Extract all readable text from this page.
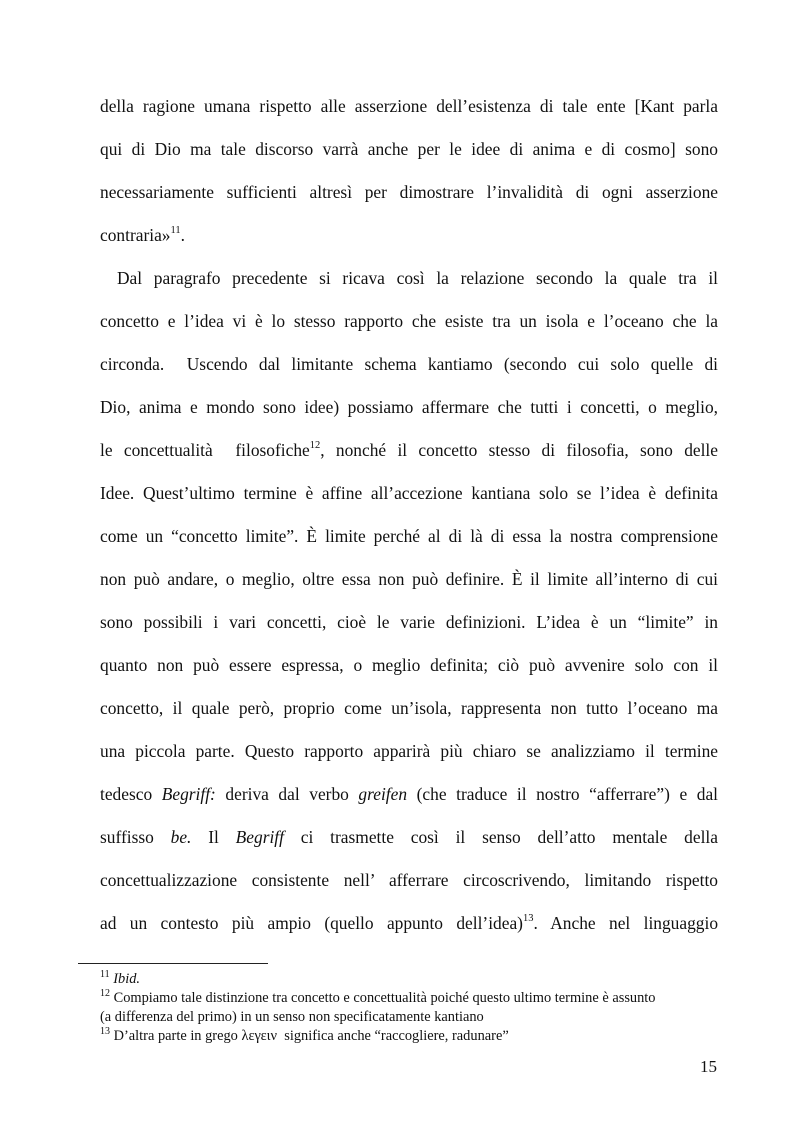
della ragione umana rispetto alle asserzione dell’esistenza di tale ente [Kant parla
qui di Dio ma tale discorso varrà anche per le idee di anima e di cosmo] sono
necessariamente sufficienti altresì per dimostrare l’invalidità di ogni asserzione
contraria»$^{11}$.
Dal paragrafo precedente si ricava così la relazione secondo la quale tra il
concetto e l’idea vi è lo stesso rapporto che esiste tra un isola e l’oceano che la
circonda.  Uscendo dal limitante schema kantiamo (secondo cui solo quelle di
Dio, anima e mondo sono idee) possiamo affermare che tutti i concetti, o meglio,
le concettualità  filosofiche$^{12}$, nonché il concetto stesso di filosofia, sono delle
Idee. Quest’ultimo termine è affine all’accezione kantiana solo se l’idea è definita
come un “concetto limite”. È limite perché al di là di essa la nostra comprensione
non può andare, o meglio, oltre essa non può definire. È il limite all’interno di cui
sono possibili i vari concetti, cioè le varie definizioni. L’idea è un “limite” in
quanto non può essere espressa, o meglio definita; ciò può avvenire solo con il
concetto, il quale però, proprio come un’isola, rappresenta non tutto l’oceano ma
una piccola parte. Questo rapporto apparirà più chiaro se analizziamo il termine
tedesco Begriff: deriva dal verbo greifen (che traduce il nostro “afferrare”) e dal
suffisso be. Il Begriff ci trasmette così il senso dell’atto mentale della
concettualizzazione consistente nell’ afferrare circoscrivendo, limitando rispetto
ad un contesto più ampio (quello appunto dell’idea)$^{13}$. Anche nel linguaggio
$^{11}$ Ibid.
$^{12}$ Compiamo tale distinzione tra concetto e concettualità poiché questo ultimo termine è assunto
(a differenza del primo) in un senso non specificatamente kantiano
$^{13}$ D’altra parte in grego λεγειν  significa anche “raccogliere, radunare”
15
